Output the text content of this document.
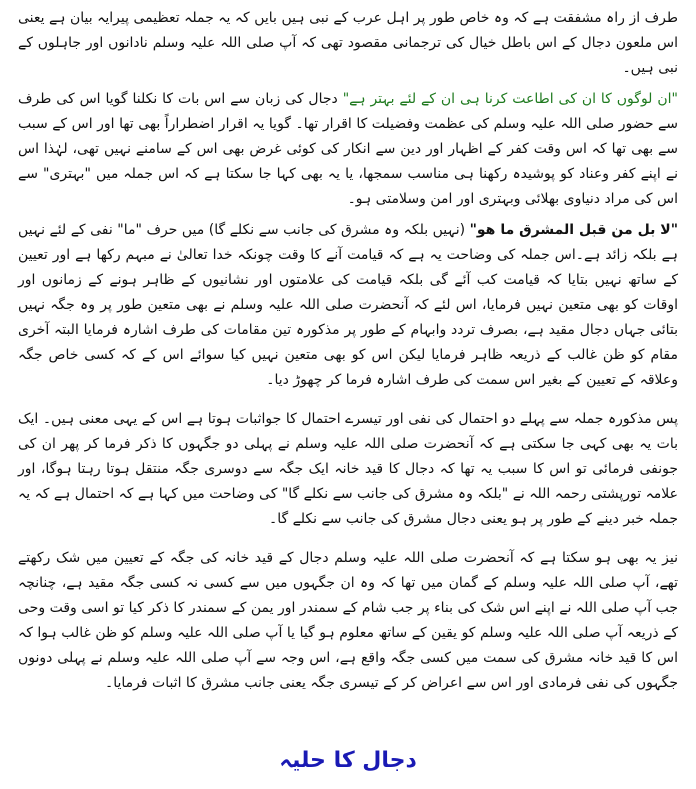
طرف از راہ مشفقت ہے کہ وہ خاص طور پر اہل عرب کے نبی ہیں بایں کہ یہ جملہ تعظیمی پیرایہ بیان ہے یعنی اس ملعون دجال کے اس باطل خیال کی ترجمانی مقصود تھی کہ آپ صلی اللہ علیہ وسلم نادانوں اور جاہلوں کے نبی ہیں۔

"ان لوگوں کا ان کی اطاعت کرنا ہی ان کے لئے بہتر ہے" دجال کی زبان سے اس بات کا نکلنا گویا اس کی طرف سے حضور صلی اللہ علیہ وسلم کی عظمت وفضیلت کا اقرار تھا۔ گویا یہ اقرار اضطراراً بھی تھا اور اس کے سبب سے بھی تھا کہ اس وقت کفر کے اظہار اور دین سے انکار کی کوئی غرض بھی اس کے سامنے نہیں تھی، لہٰذا اس نے اپنے کفر وعناد کو پوشیدہ رکھنا ہی مناسب سمجھا، یا یہ بھی کہا جا سکتا ہے کہ اس جملہ میں "بہتری" سے اس کی مراد دنیاوی بھلائی وبہتری اور امن وسلامتی ہو۔

"لا بل من قبل المشرق ما هو" (نہیں بلکہ وہ مشرق کی جانب سے نکلے گا) میں حرف "ما" نفی کے لئے نہیں ہے بلکہ زائد ہے۔اس جملہ کی وضاحت یہ ہے کہ قیامت آنے کا وقت چونکہ خدا تعالیٰ نے مبہم رکھا ہے اور تعیین کے ساتھ نہیں بتایا کہ قیامت کب آئے گی بلکہ قیامت کی علامتوں اور نشانیوں کے ظاہر ہونے کے زمانوں اور اوقات کو بھی متعین نہیں فرمایا، اس لئے کہ آنحضرت صلی اللہ علیہ وسلم نے بھی متعین طور پر وہ جگہ نہیں بتائی جہاں دجال مقید ہے، بصرف تردد وابہام کے طور پر مذکورہ تین مقامات کی طرف اشارہ فرمایا البتہ آخری مقام کو ظن غالب کے ذریعہ ظاہر فرمایا لیکن اس کو بھی متعین نہیں کیا سوائے اس کے کہ کسی خاص جگہ وعلاقہ کے تعیین کے بغیر اس سمت کی طرف اشارہ فرما کر چھوڑ دیا۔

پس مذکورہ جملہ سے پہلے دو احتمال کی نفی اور تیسرے احتمال کا جواثبات ہوتا ہے اس کے یہی معنی ہیں۔ ایک بات یہ بھی کہی جا سکتی ہے کہ آنحضرت صلی اللہ علیہ وسلم نے پہلی دو جگہوں کا ذکر فرما کر پھر ان کی جونفی فرمائی تو اس کا سبب یہ تھا کہ دجال کا قید خانہ ایک جگہ سے دوسری جگہ منتقل ہوتا رہتا ہوگا، اور علامہ تورپشتی رحمہ اللہ نے "بلکہ وہ مشرق کی جانب سے نکلے گا" کی وضاحت میں کہا ہے کہ احتمال ہے کہ یہ جملہ خبر دینے کے طور پر ہو یعنی دجال مشرق کی جانب سے نکلے گا۔

نیز یہ بھی ہو سکتا ہے کہ آنحضرت صلی اللہ علیہ وسلم دجال کے قید خانہ کی جگہ کے تعیین میں شک رکھتے تھے، آپ صلی اللہ علیہ وسلم کے گمان میں تھا کہ وہ ان جگہوں میں سے کسی نہ کسی جگہ مقید ہے، چنانچہ جب آپ صلی اللہ نے اپنے اس شک کی بناء پر جب شام کے سمندر اور یمن کے سمندر کا ذکر کیا تو اسی وقت وحی کے ذریعہ آپ صلی اللہ علیہ وسلم کو یقین کے ساتھ معلوم ہو گیا یا آپ صلی اللہ علیہ وسلم کو ظن غالب ہوا کہ اس کا قید خانہ مشرق کی سمت میں کسی جگہ واقع ہے، اس وجہ سے آپ صلی اللہ علیہ وسلم نے پہلی دونوں جگہوں کی نفی فرمادی اور اس سے اعراض کر کے تیسری جگہ یعنی جانب مشرق کا اثبات فرمایا۔

دجال کا حلیہ
